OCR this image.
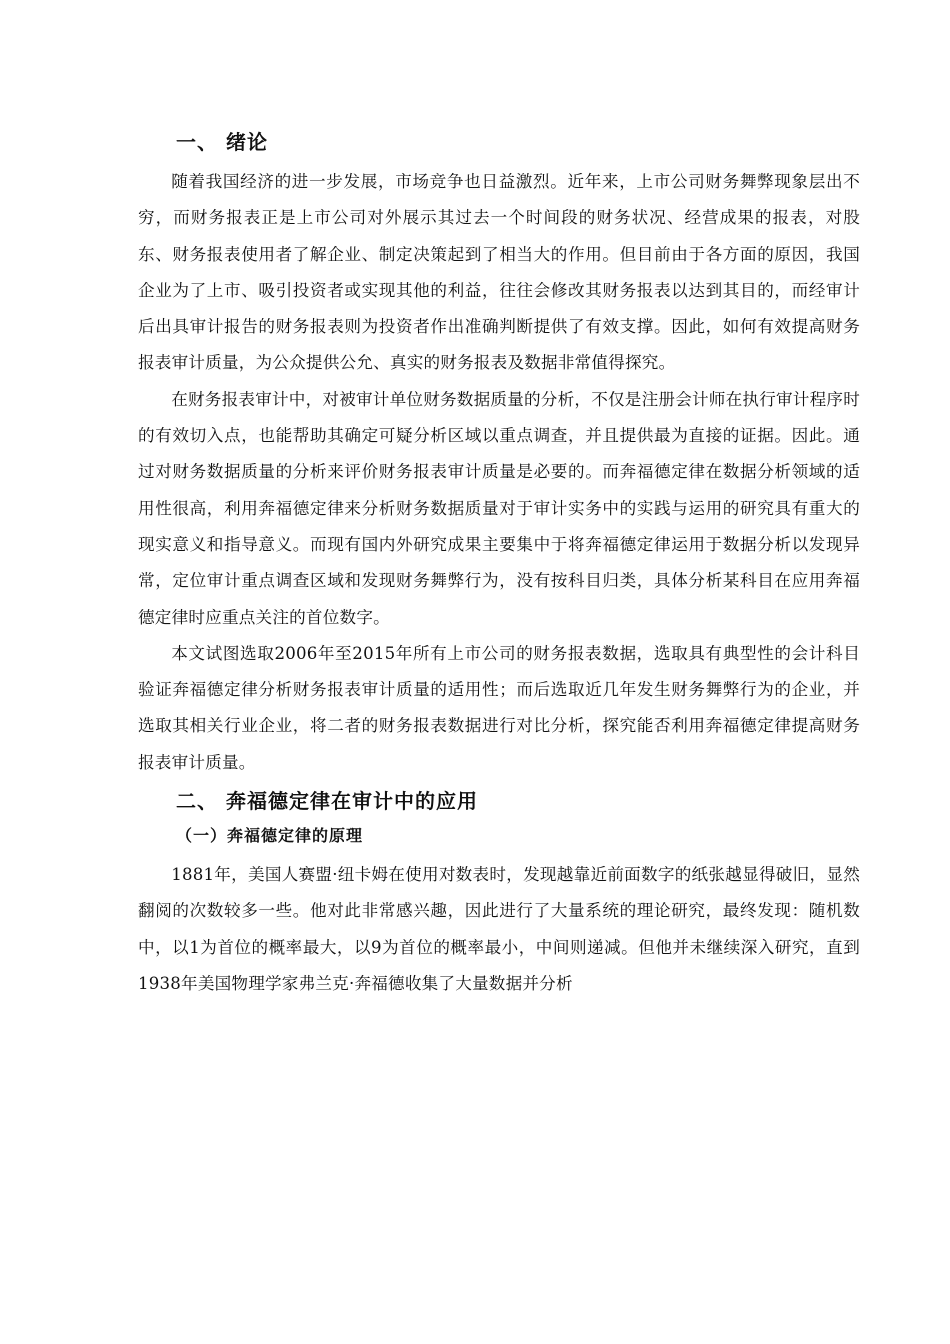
一、 绪论

随着我国经济的进一步发展，市场竞争也日益激烈。近年来，上市公司财务舞弊现象层出不穷，而财务报表正是上市公司对外展示其过去一个时间段的财务状况、经营成果的报表，对股东、财务报表使用者了解企业、制定决策起到了相当大的作用。但目前由于各方面的原因，我国企业为了上市、吸引投资者或实现其他的利益，往往会修改其财务报表以达到其目的，而经审计后出具审计报告的财务报表则为投资者作出准确判断提供了有效支撑。因此，如何有效提高财务报表审计质量，为公众提供公允、真实的财务报表及数据非常值得探究。

在财务报表审计中，对被审计单位财务数据质量的分析，不仅是注册会计师在执行审计程序时的有效切入点，也能帮助其确定可疑分析区域以重点调查，并且提供最为直接的证据。因此。通过对财务数据质量的分析来评价财务报表审计质量是必要的。而奔福德定律在数据分析领域的适用性很高，利用奔福德定律来分析财务数据质量对于审计实务中的实践与运用的研究具有重大的现实意义和指导意义。而现有国内外研究成果主要集中于将奔福德定律运用于数据分析以发现异常，定位审计重点调查区域和发现财务舞弊行为，没有按科目归类，具体分析某科目在应用奔福德定律时应重点关注的首位数字。

本文试图选取2006年至2015年所有上市公司的财务报表数据，选取具有典型性的会计科目验证奔福德定律分析财务报表审计质量的适用性；而后选取近几年发生财务舞弊行为的企业，并选取其相关行业企业，将二者的财务报表数据进行对比分析，探究能否利用奔福德定律提高财务报表审计质量。

二、 奔福德定律在审计中的应用
（一）奔福德定律的原理

1881年，美国人赛盟·纽卡姆在使用对数表时，发现越靠近前面数字的纸张越显得破旧，显然翻阅的次数较多一些。他对此非常感兴趣，因此进行了大量系统的理论研究，最终发现：随机数中，以1为首位的概率最大，以9为首位的概率最小，中间则递减。但他并未继续深入研究，直到1938年美国物理学家弗兰克·奔福德收集了大量数据并分析
